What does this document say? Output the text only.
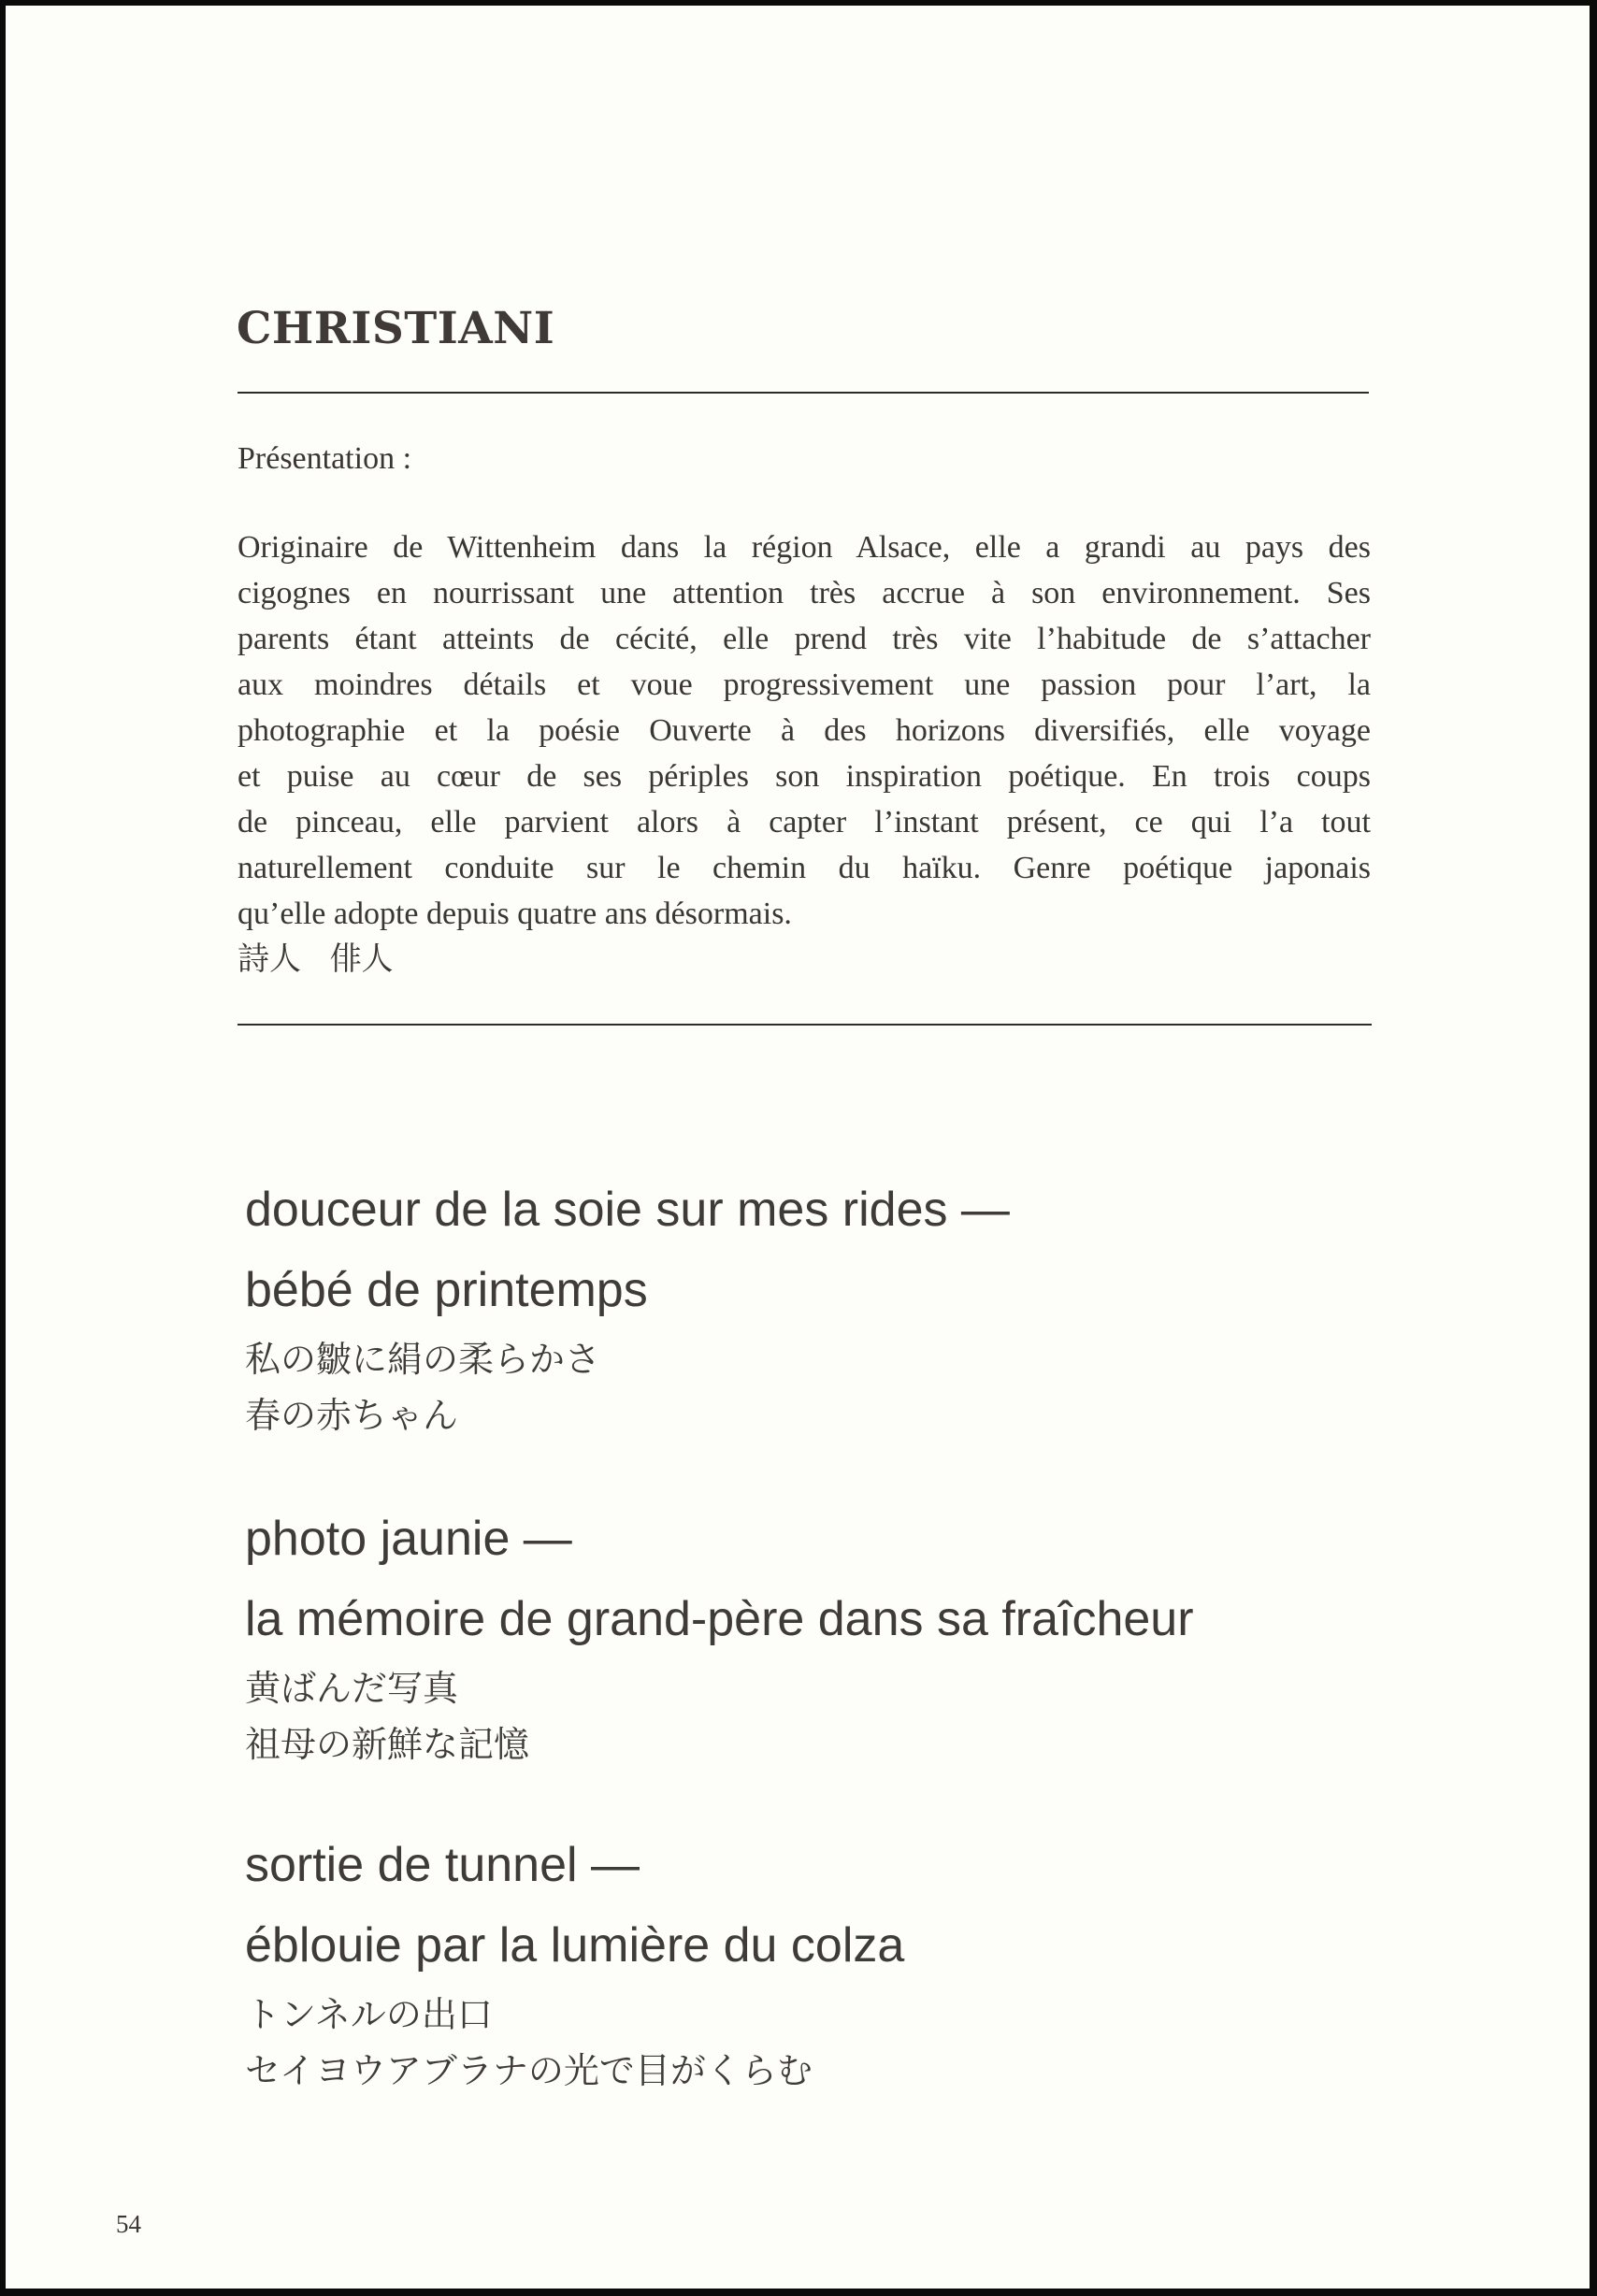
CHRISTIANI
Présentation :
Originaire de Wittenheim dans la région Alsace, elle a grandi au pays des
cigognes en nourrissant une attention très accrue à son environnement. Ses
parents étant atteints de cécité, elle prend très vite l’habitude de s’attacher
aux moindres détails et voue progressivement une passion pour l’art, la
photographie et la poésie Ouverte à des horizons diversifiés, elle voyage
et puise au cœur de ses périples son inspiration poétique. En trois coups
de pinceau, elle parvient alors à capter l’instant présent, ce qui l’a tout
naturellement conduite sur le chemin du haïku. Genre poétique japonais
qu’elle adopte depuis quatre ans désormais.
詩人 俳人
douceur de la soie sur mes rides —
bébé de printemps
私の皺に絹の柔らかさ
春の赤ちゃん
photo jaunie —
la mémoire de grand-père dans sa fraîcheur
黄ばんだ写真
祖母の新鮮な記憶
sortie de tunnel —
éblouie par la lumière du colza
トンネルの出口
セイヨウアブラナの光で目がくらむ
54
